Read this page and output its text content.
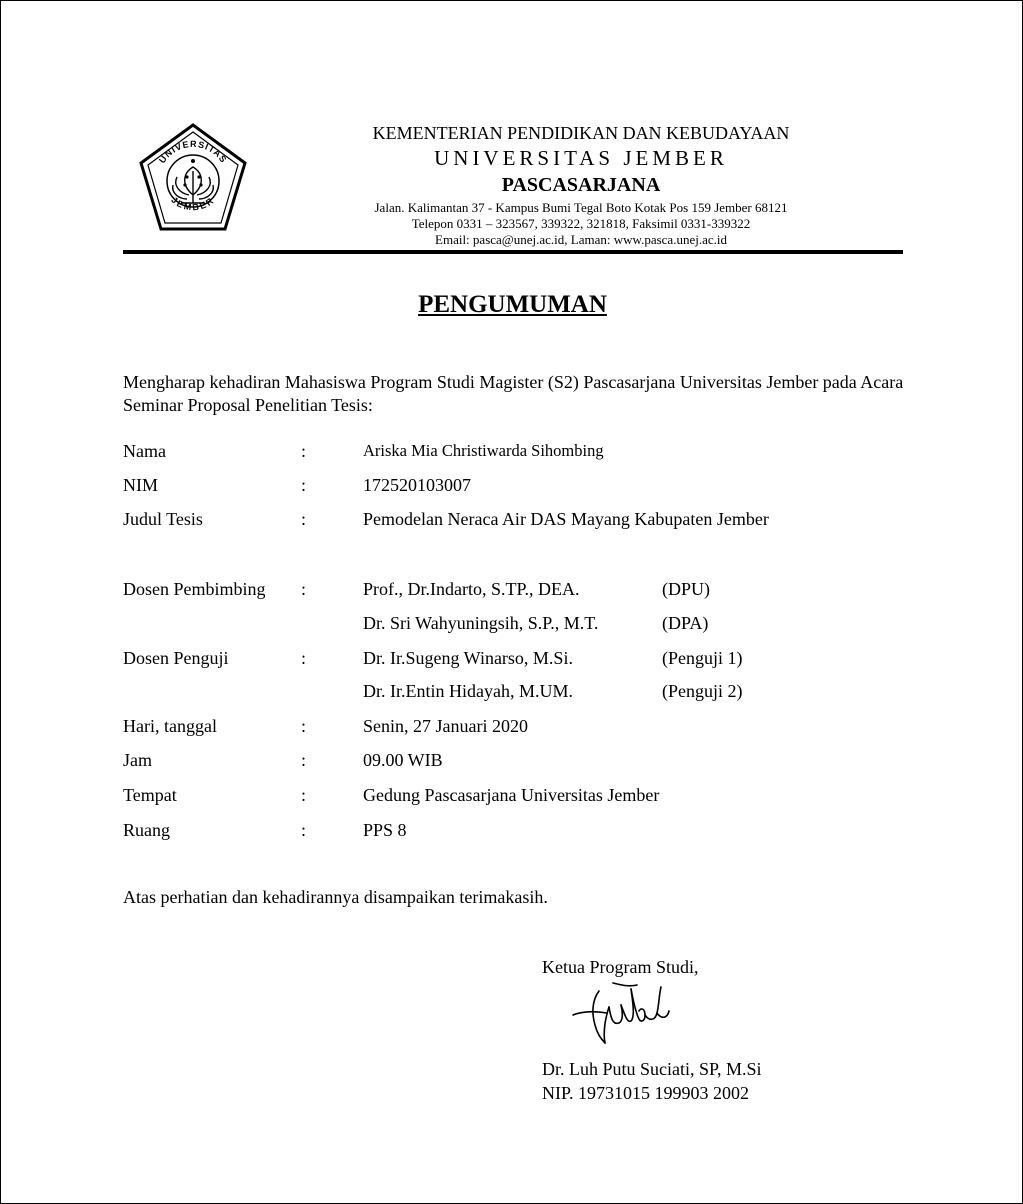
UNIVERSITAS
JEMBER
KEMENTERIAN PENDIDIKAN DAN KEBUDAYAAN
UNIVERSITAS JEMBER
PASCASARJANA
Jalan. Kalimantan 37 - Kampus Bumi Tegal Boto Kotak Pos 159 Jember 68121
Telepon 0331 – 323567, 339322, 321818, Faksimil 0331-339322
Email: pasca@unej.ac.id, Laman: www.pasca.unej.ac.id
PENGUMUMAN
Mengharap kehadiran Mahasiswa Program Studi Magister (S2) Pascasarjana Universitas Jember pada Acara Seminar Proposal Penelitian Tesis:
Nama	:	Ariska Mia Christiwarda Sihombing
NIM	:	172520103007
Judul Tesis	:	Pemodelan Neraca Air DAS Mayang Kabupaten Jember
Dosen Pembimbing :	Prof., Dr.Indarto, S.TP., DEA.	(DPU)
Dr. Sri Wahyuningsih, S.P., M.T.	(DPA)
Dosen Penguji	:	Dr. Ir.Sugeng Winarso, M.Si.	(Penguji 1)
Dr. Ir.Entin Hidayah, M.UM.	(Penguji 2)
Hari, tanggal	:	Senin, 27 Januari 2020
Jam	:	09.00 WIB
Tempat	:	Gedung Pascasarjana Universitas Jember
Ruang	:	PPS 8
Atas perhatian dan kehadirannya disampaikan terimakasih.
Ketua Program Studi,
Dr. Luh Putu Suciati, SP, M.Si
NIP. 19731015 199903 2002
